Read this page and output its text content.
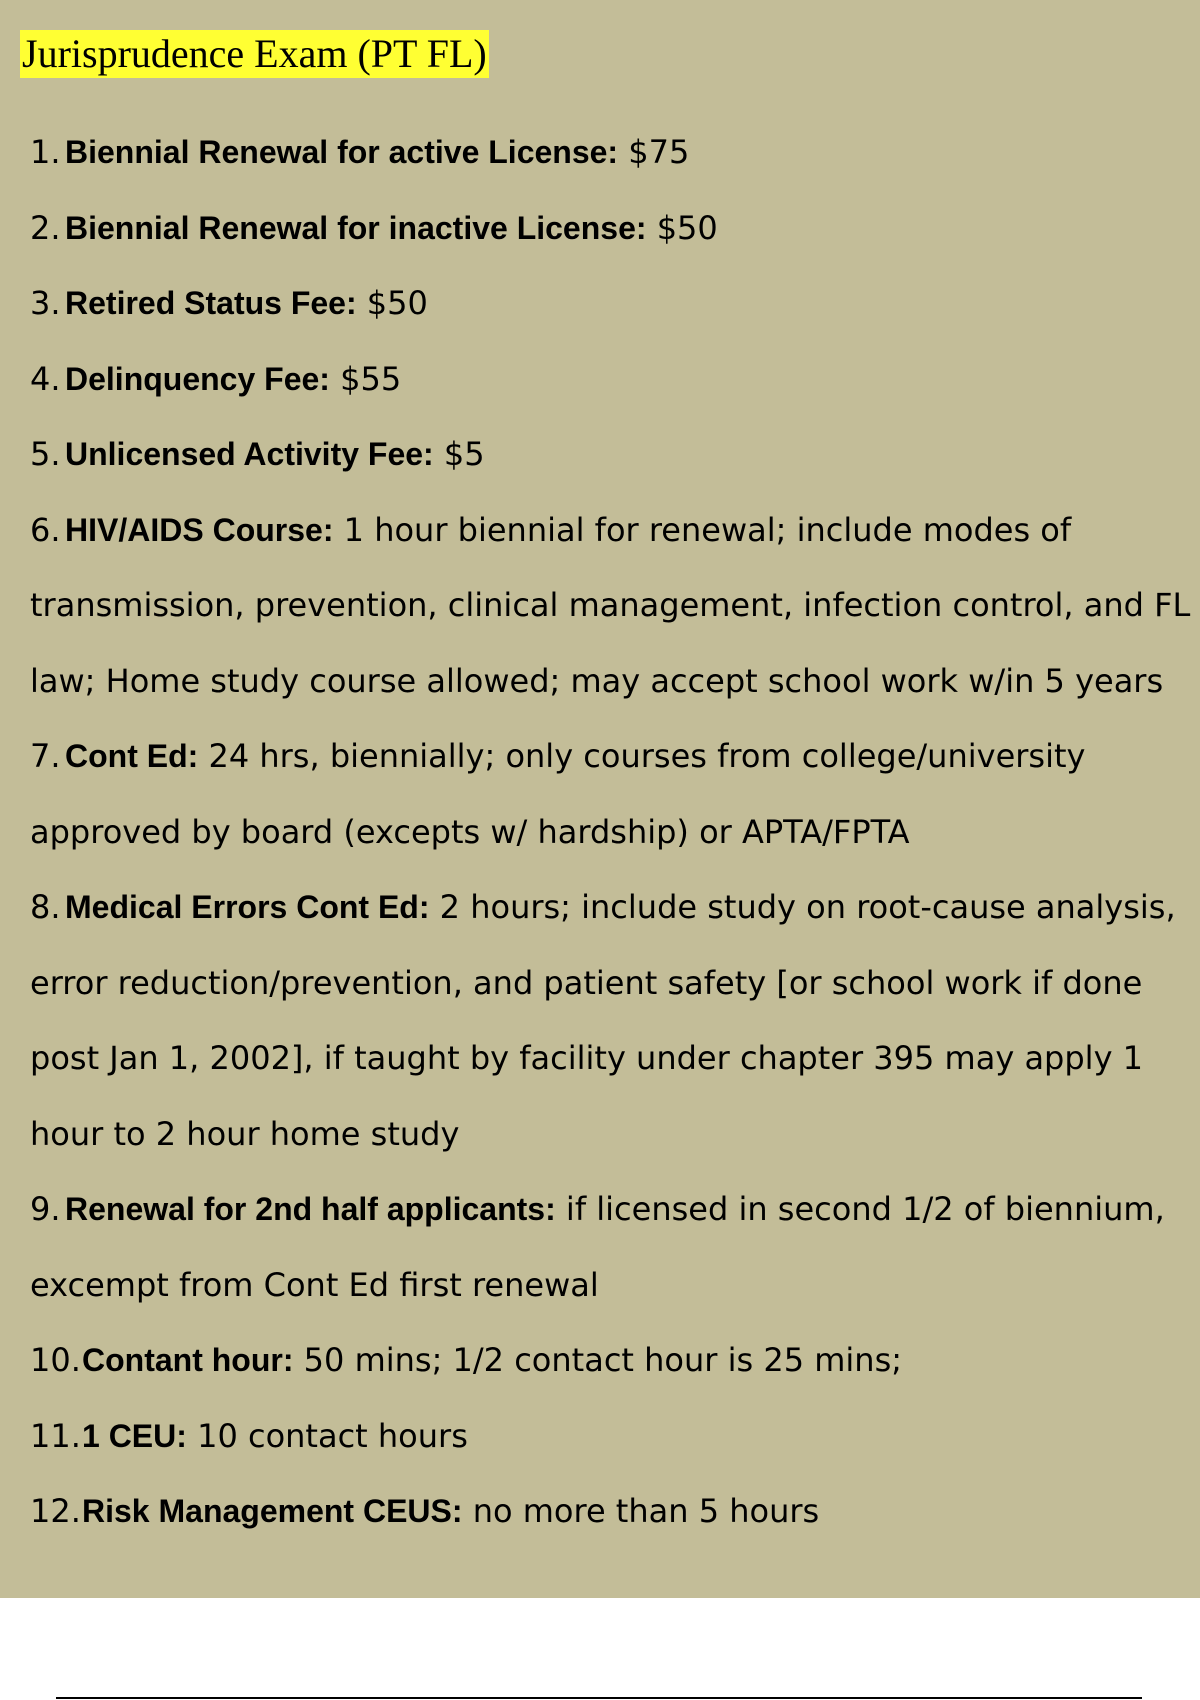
Jurisprudence Exam (PT FL)
1. Biennial Renewal for active License: $75
2. Biennial Renewal for inactive License: $50
3. Retired Status Fee: $50
4. Delinquency Fee: $55
5. Unlicensed Activity Fee: $5
6. HIV/AIDS Course: 1 hour biennial for renewal; include modes of
transmission, prevention, clinical management, infection control, and FL
law; Home study course allowed; may accept school work w/in 5 years
7. Cont Ed: 24 hrs, biennially; only courses from college/university
approved by board (excepts w/ hardship) or APTA/FPTA
8. Medical Errors Cont Ed: 2 hours; include study on root-cause analysis,
error reduction/prevention, and patient safety [or school work if done
post Jan 1, 2002], if taught by facility under chapter 395 may apply 1
hour to 2 hour home study
9. Renewal for 2nd half applicants: if licensed in second 1/2 of biennium,
excempt from Cont Ed first renewal
10.Contant hour: 50 mins; 1/2 contact hour is 25 mins;
11.1 CEU: 10 contact hours
12.Risk Management CEUS: no more than 5 hours
